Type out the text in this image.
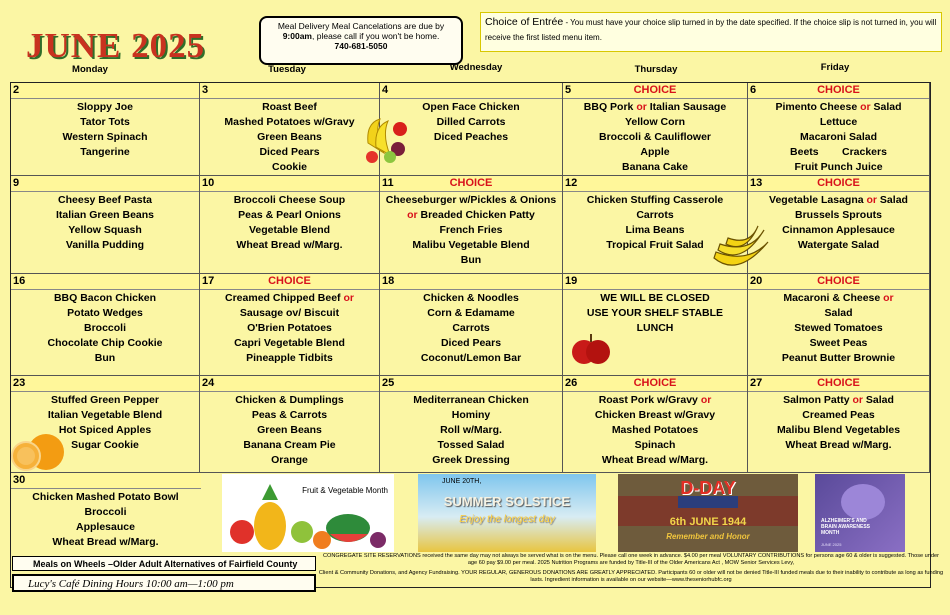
JUNE 2025	Meal Delivery Meal Cancelations are due by
9:00am, please call if you won't be home.
740-681-5050
Choice of Entrée - You must have your choice slip turned in by the date specified. If the choice slip is not turned in, you will receive the first listed menu item.
Monday	Tuesday	Wednesday	Thursday	Friday
2
Sloppy Joe
Tator Tots
Western Spinach
Tangerine
3
Roast Beef
Mashed Potatoes w/Gravy
Green Beans
Diced Pears
Cookie
4
Open Face Chicken
Dilled Carrots
Diced Peaches
5	CHOICE
BBQ Pork or Italian Sausage
Yellow Corn
Broccoli & Cauliflower
Apple
Banana Cake
6	CHOICE
Pimento Cheese or Salad
Lettuce
Macaroni Salad
Beets        Crackers
Fruit Punch Juice
9
Cheesy Beef Pasta
Italian Green Beans
Yellow Squash
Vanilla Pudding
10
Broccoli Cheese Soup
Peas & Pearl Onions
Vegetable Blend
Wheat Bread w/Marg.
11	CHOICE
Cheeseburger w/Pickles & Onions
or Breaded Chicken Patty
French Fries
Malibu Vegetable Blend
Bun
12
Chicken Stuffing Casserole
Carrots
Lima Beans
Tropical Fruit Salad
13	CHOICE
Vegetable Lasagna or Salad
Brussels Sprouts
Cinnamon Applesauce
Watergate Salad
16
BBQ Bacon Chicken
Potato Wedges
Broccoli
Chocolate Chip Cookie
Bun
17	CHOICE
Creamed Chipped Beef or
Sausage ov/ Biscuit
O'Brien Potatoes
Capri Vegetable Blend
Pineapple Tidbits
18
Chicken & Noodles
Corn & Edamame
Carrots
Diced Pears
Coconut/Lemon Bar
19
WE WILL BE CLOSED
USE YOUR SHELF STABLE
LUNCH
20	CHOICE
Macaroni & Cheese or
Salad
Stewed Tomatoes
Sweet Peas
Peanut Butter Brownie
23
Stuffed Green Pepper
Italian Vegetable Blend
Hot Spiced Apples
Sugar Cookie
24
Chicken & Dumplings
Peas & Carrots
Green Beans
Banana Cream Pie
Orange
25
Mediterranean Chicken
Hominy
Roll w/Marg.
Tossed Salad
Greek Dressing
26	CHOICE
Roast Pork w/Gravy or
Chicken Breast w/Gravy
Mashed Potatoes
Spinach
Wheat Bread w/Marg.
27	CHOICE
Salmon Patty or Salad
Creamed Peas
Malibu Blend Vegetables
Wheat Bread w/Marg.
30
Chicken Mashed Potato Bowl
Broccoli
Applesauce
Wheat Bread w/Marg.
Fruit & Vegetable Month
JUNE 20TH,
SUMMER SOLSTICE
Enjoy the longest day
D-DAY
6th JUNE 1944
Remember and Honor
ALZHEIMER'S AND BRAIN AWARENESS MONTH
JUNE 2025
Meals on Wheels –Older Adult Alternatives of Fairfield County
Lucy's Café Dining Hours 10:00 am—1:00 pm

CONGREGATE SITE RESERVATIONS received the same day may not always be served what is on the menu. Please call one week in advance. $4.00 per meal VOLUNTARY CONTRIBUTIONS for persons age 60 & older is suggested. Those under age 60 pay $9.00 per meal. 2025 Nutrition Programs are funded by Title-III of the Older Americans Act , MOW Senior Services Levy,

Client & Community Donations, and Agency Fundraising. YOUR REGULAR, GENEROUS DONATIONS ARE GREATLY APPRECIATED. Participants 60 or older will not be denied Title-III funded meals due to their inability to contribute as long as funding lasts. Ingredient information is available on our website—www.theseniorhubfc.org
